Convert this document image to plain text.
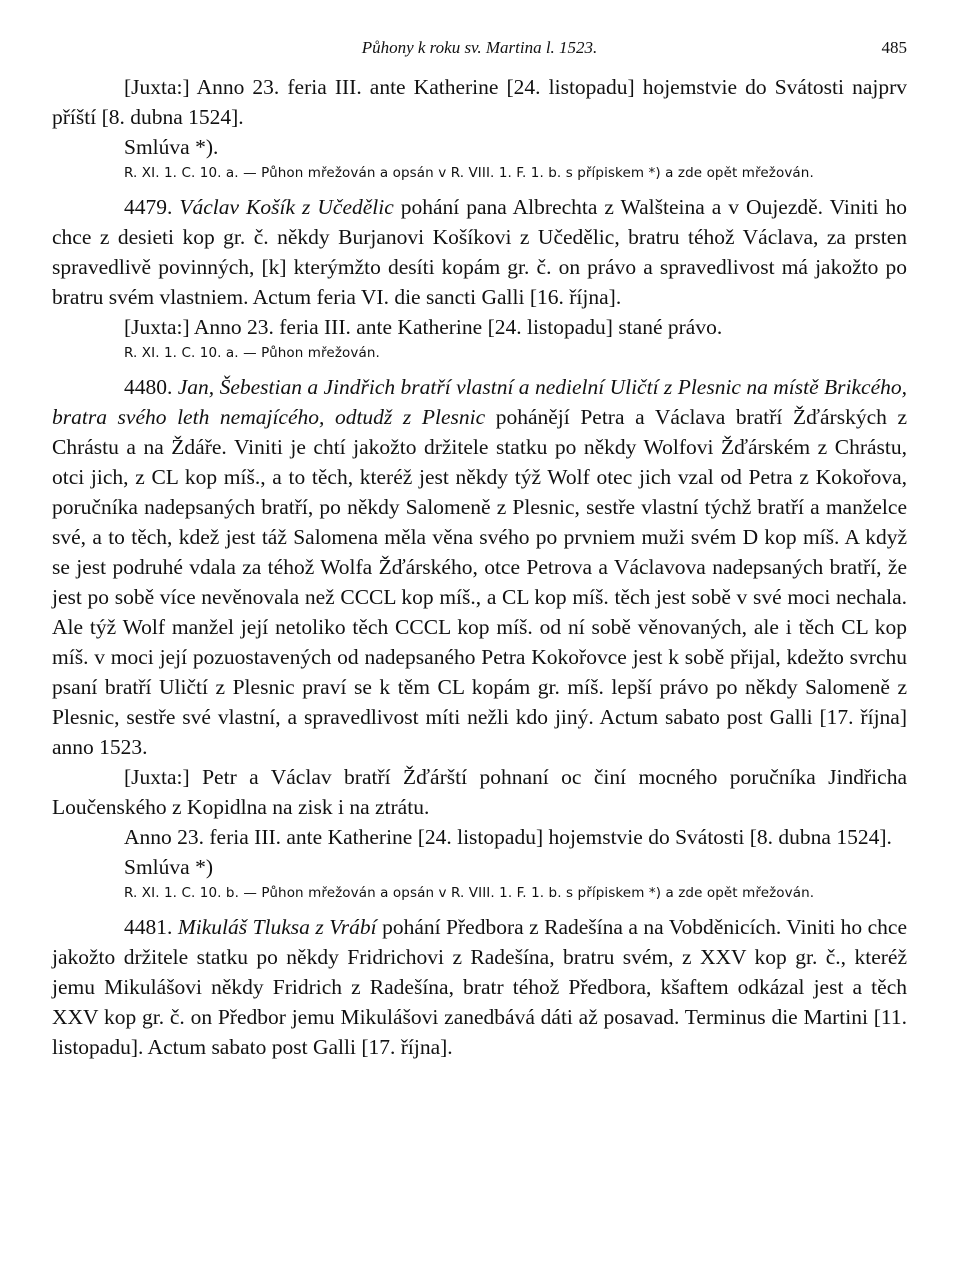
Půhony k roku sv. Martina l. 1523.	485

[Juxta:] Anno 23. feria III. ante Katherine [24. listopadu] hojemstvie do Svátosti najprv příští [8. dubna 1524].

Smlúva *).

R. XI. 1. C. 10. a. — Půhon mřežován a opsán v R. VIII. 1. F. 1. b. s přípiskem *) a zde opět mřežován.

4479. Václav Košík z Učedělic pohání pana Albrechta z Walšteina a v Oujezdě. Viniti ho chce z desieti kop gr. č. někdy Burjanovi Košíkovi z Učedělic, bratru téhož Václava, za prsten spravedlivě povinných, [k] kterýmžto desíti kopám gr. č. on právo a spravedlivost má jakožto po bratru svém vlastniem. Actum feria VI. die sancti Galli [16. října].

[Juxta:] Anno 23. feria III. ante Katherine [24. listopadu] stané právo.

R. XI. 1. C. 10. a. — Půhon mřežován.

4480. Jan, Šebestian a Jindřich bratří vlastní a nedielní Uličtí z Plesnic na místě Brikcého, bratra svého leth nemajícého, odtudž z Plesnic pohánějí Petra a Václava bratří Žďárských z Chrástu a na Ždáře. Viniti je chtí jakožto držitele statku po někdy Wolfovi Žďárském z Chrástu, otci jich, z CL kop míš., a to těch, kteréž jest někdy týž Wolf otec jich vzal od Petra z Kokořova, poručníka nadepsaných bratří, po někdy Salomeně z Plesnic, sestře vlastní týchž bratří a manželce své, a to těch, kdež jest táž Salomena měla věna svého po prvniem muži svém D kop míš. A když se jest podruhé vdala za téhož Wolfa Žďárského, otce Petrova a Václavova nadepsaných bratří, že jest po sobě více nevěnovala než CCCL kop míš., a CL kop míš. těch jest sobě v své moci nechala. Ale týž Wolf manžel její netoliko těch CCCL kop míš. od ní sobě věnovaných, ale i těch CL kop míš. v moci její pozuostavených od nadepsaného Petra Kokořovce jest k sobě přijal, kdežto svrchu psaní bratří Uličtí z Plesnic praví se k těm CL kopám gr. míš. lepší právo po někdy Salomeně z Plesnic, sestře své vlastní, a spravedlivost míti nežli kdo jiný. Actum sabato post Galli [17. října] anno 1523.

[Juxta:] Petr a Václav bratří Žďárští pohnaní oc činí mocného poručníka Jindřicha Loučenského z Kopidlna na zisk i na ztrátu.

Anno 23. feria III. ante Katherine [24. listopadu] hojemstvie do Svátosti [8. dubna 1524].

Smlúva *)

R. XI. 1. C. 10. b. — Půhon mřežován a opsán v R. VIII. 1. F. 1. b. s přípiskem *) a zde opět mřežován.

4481. Mikuláš Tluksa z Vrábí pohání Předbora z Radešína a na Vobděnicích. Viniti ho chce jakožto držitele statku po někdy Fridrichovi z Radešína, bratru svém, z XXV kop gr. č., kteréž jemu Mikulášovi někdy Fridrich z Radešína, bratr téhož Předbora, kšaftem odkázal jest a těch XXV kop gr. č. on Předbor jemu Mikulášovi zanedbává dáti až posavad. Terminus die Martini [11. listopadu]. Actum sabato post Galli [17. října].
